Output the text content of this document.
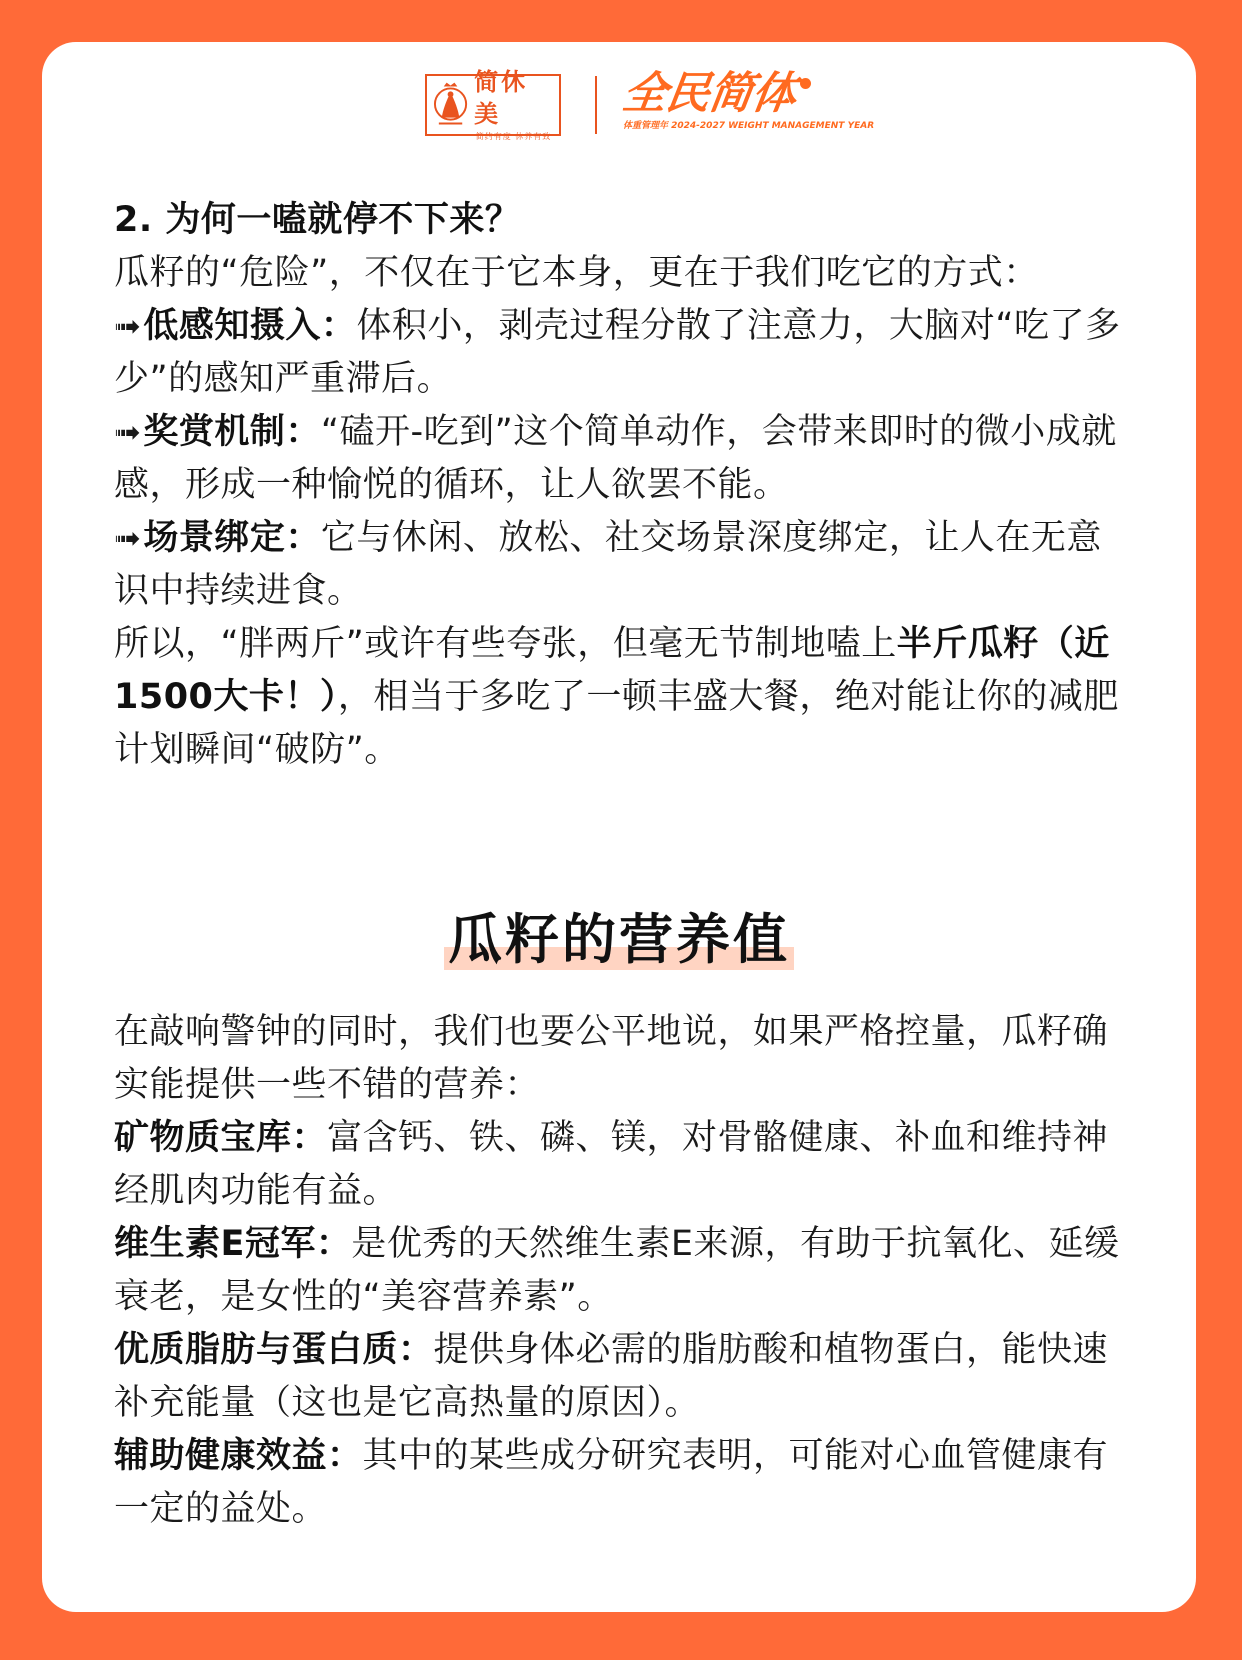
简休美
简约有度 休养有致
全民简体
体重管理年 2024-2027 WEIGHT MANAGEMENT YEAR

2. 为何一嗑就停不下来？

瓜籽的“危险”，不仅在于它本身，更在于我们吃它的方式：

➟低感知摄入：体积小，剥壳过程分散了注意力，大脑对“吃了多少”的感知严重滞后。

➟奖赏机制：“磕开-吃到”这个简单动作，会带来即时的微小成就感，形成一种愉悦的循环，让人欲罢不能。

➟场景绑定：它与休闲、放松、社交场景深度绑定，让人在无意识中持续进食。

所以，“胖两斤”或许有些夸张，但毫无节制地嗑上半斤瓜籽（近1500大卡！），相当于多吃了一顿丰盛大餐，绝对能让你的减肥计划瞬间“破防”。

瓜籽的营养值

在敲响警钟的同时，我们也要公平地说，如果严格控量，瓜籽确实能提供一些不错的营养：

矿物质宝库：富含钙、铁、磷、镁，对骨骼健康、补血和维持神经肌肉功能有益。

维生素E冠军：是优秀的天然维生素E来源，有助于抗氧化、延缓衰老，是女性的“美容营养素”。

优质脂肪与蛋白质：提供身体必需的脂肪酸和植物蛋白，能快速补充能量（这也是它高热量的原因）。

辅助健康效益：其中的某些成分研究表明，可能对心血管健康有一定的益处。
